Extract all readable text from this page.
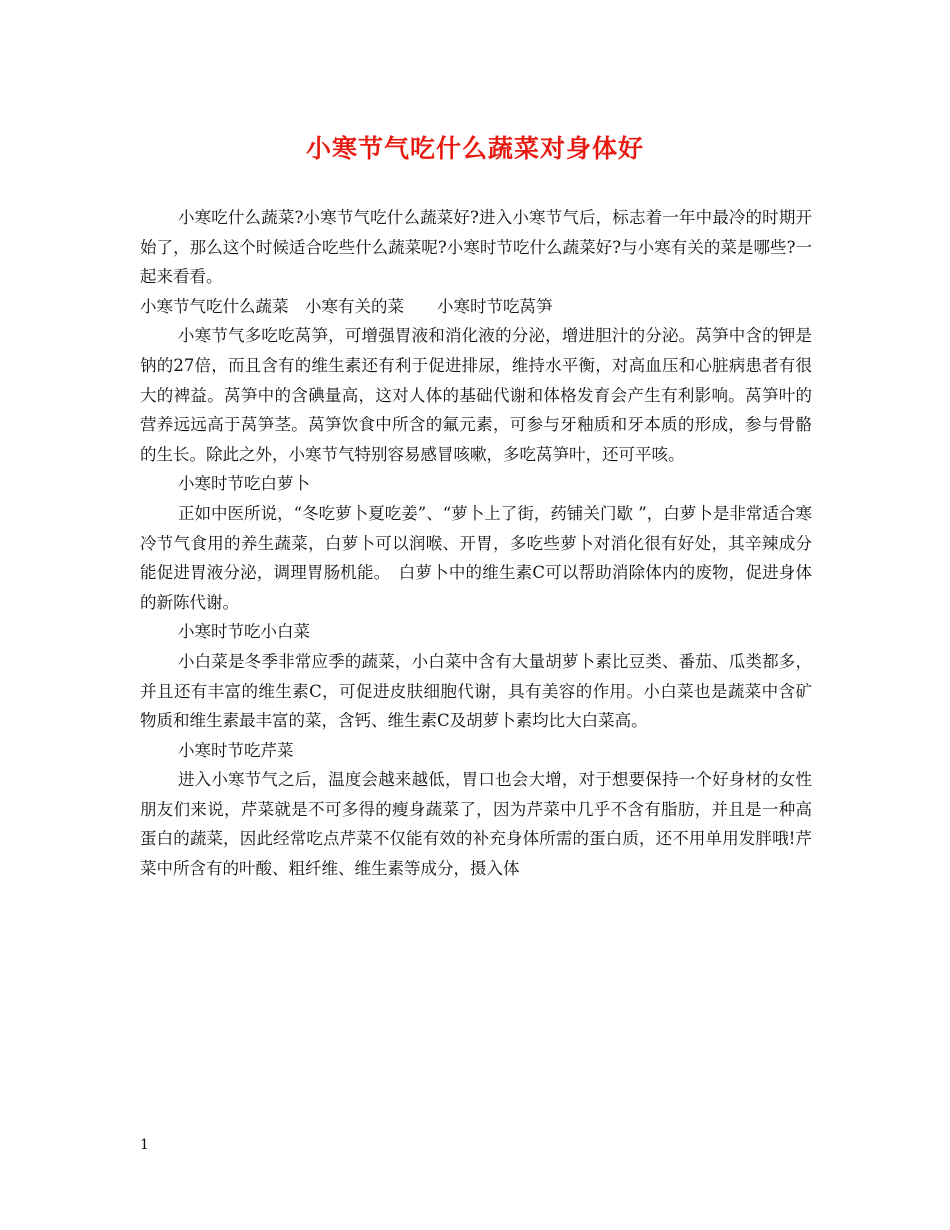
小寒节气吃什么蔬菜对身体好

小寒吃什么蔬菜?小寒节气吃什么蔬菜好?进入小寒节气后，标志着一年中最冷的时期开始了，那么这个时候适合吃些什么蔬菜呢?小寒时节吃什么蔬菜好?与小寒有关的菜是哪些?一起来看看。

小寒节气吃什么蔬菜　小寒有关的菜　　小寒时节吃莴笋

小寒节气多吃吃莴笋，可增强胃液和消化液的分泌，增进胆汁的分泌。莴笋中含的钾是钠的27倍，而且含有的维生素还有利于促进排尿，维持水平衡，对高血压和心脏病患者有很大的裨益。莴笋中的含碘量高，这对人体的基础代谢和体格发育会产生有利影响。莴笋叶的营养远远高于莴笋茎。莴笋饮食中所含的氟元素，可参与牙釉质和牙本质的形成，参与骨骼的生长。除此之外，小寒节气特别容易感冒咳嗽，多吃莴笋叶，还可平咳。

小寒时节吃白萝卜

正如中医所说，“冬吃萝卜夏吃姜”、“萝卜上了街，药铺关门歇 ”，白萝卜是非常适合寒冷节气食用的养生蔬菜，白萝卜可以润喉、开胃，多吃些萝卜对消化很有好处，其辛辣成分能促进胃液分泌，调理胃肠机能。　白萝卜中的维生素C可以帮助消除体内的废物，促进身体的新陈代谢。

小寒时节吃小白菜

小白菜是冬季非常应季的蔬菜，小白菜中含有大量胡萝卜素比豆类、番茄、瓜类都多，并且还有丰富的维生素C，可促进皮肤细胞代谢，具有美容的作用。小白菜也是蔬菜中含矿物质和维生素最丰富的菜，含钙、维生素C及胡萝卜素均比大白菜高。

小寒时节吃芹菜

进入小寒节气之后，温度会越来越低，胃口也会大增，对于想要保持一个好身材的女性朋友们来说，芹菜就是不可多得的瘦身蔬菜了，因为芹菜中几乎不含有脂肪，并且是一种高蛋白的蔬菜，因此经常吃点芹菜不仅能有效的补充身体所需的蛋白质，还不用单用发胖哦!芹菜中所含有的叶酸、粗纤维、维生素等成分，摄入体

1
